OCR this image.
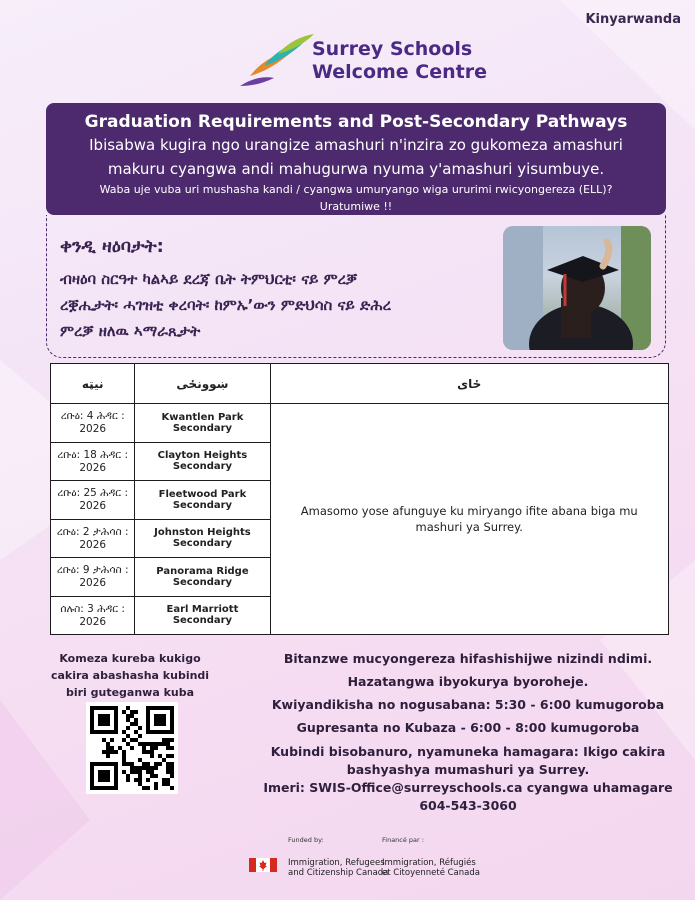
Kinyarwanda
Surrey Schools
Welcome Centre
Graduation Requirements and Post-Secondary Pathways
Ibisabwa kugira ngo urangize amashuri n'inzira zo gukomeza amashuri
makuru cyangwa andi mahugurwa nyuma y'amashuri yisumbuye.
Waba uje vuba uri mushasha kandi / cyangwa umuryango wiga ururimi rwicyongereza (ELL)?
Uratumiwe !!
ቀንዲ ዛዕባታት:
ብዛዕባ ስርዓተ ካልኣይ ደረጃ ቤት ትምህርቲ፡ ናይ ምረቓ
ረቛሒታት፡ ሓገዝቲ ቀረባት፡ ከምኡ’ውን ምድህሳስ ናይ ድሕረ
ምረቓ ዘለዉ ኣማራጺታት
نیټه	ښوونځی	ځای
ረቡዕ: 4 ሕዳር : 2026	Kwantlen Park Secondary	Amasomo yose afunguye ku miryango ifite abana biga mu mashuri ya Surrey.
ረቡዕ: 18 ሕዳር : 2026	Clayton Heights Secondary	
ረቡዕ: 25 ሕዳር : 2026	Fleetwood Park Secondary	
ረቡዕ: 2 ታሕሳስ : 2026	Johnston Heights Secondary	
ረቡዕ: 9 ታሕሳስ : 2026	Panorama Ridge Secondary	
ሰሉስ: 3 ሕዳር : 2026	Earl Marriott Secondary	
Komeza kureba kukigo cakira abashasha kubindi biri guteganwa kuba
Bitanzwe mucyongereza hifashishijwe nizindi ndimi.
Hazatangwa ibyokurya byoroheje.
Kwiyandikisha no nogusabana: 5:30 - 6:00 kumugoroba
Gupresanta no Kubaza - 6:00 - 8:00 kumugoroba
Kubindi bisobanuro, nyamuneka hamagara: Ikigo cakira
bashyashya mumashuri ya Surrey.
Imeri: SWIS-Office@surreyschools.ca cyangwa uhamagare
604-543-3060
Funded by:	Financé par :
Immigration, Refugees
and Citizenship Canada
Immigration, Réfugiés
et Citoyenneté Canada
